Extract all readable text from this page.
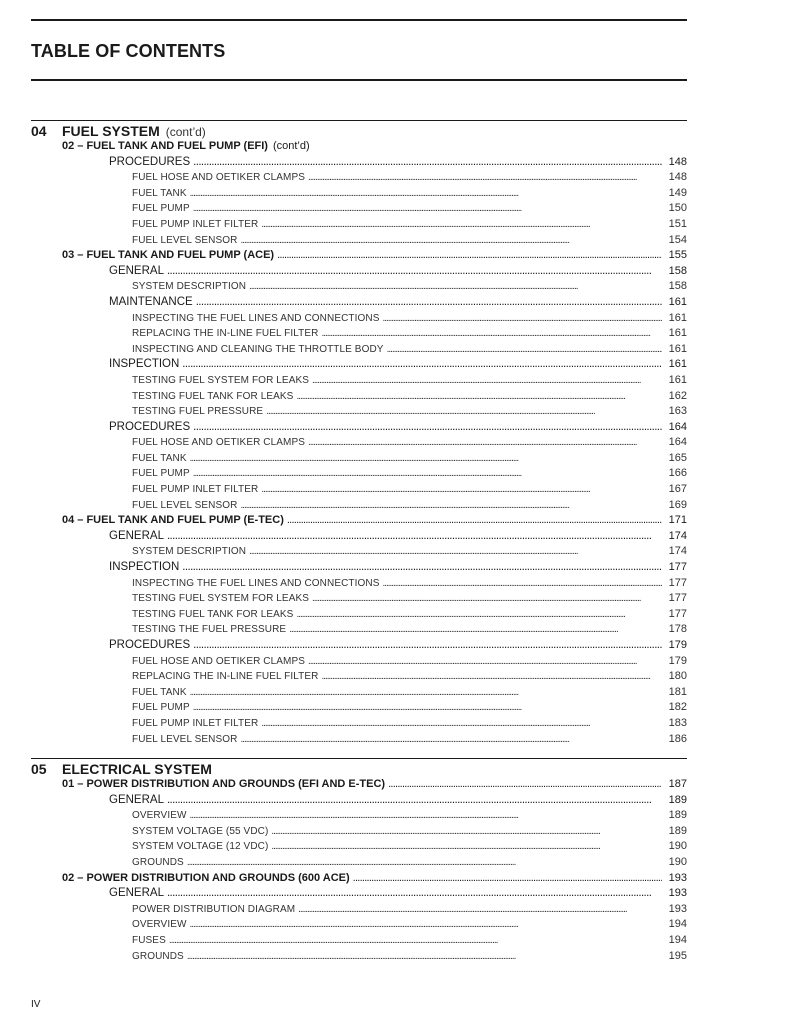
TABLE OF CONTENTS
04	FUEL SYSTEM (cont’d)
02 – FUEL TANK AND FUEL PUMP (EFI) (cont’d)
PROCEDURES . . .	148
FUEL HOSE AND OETIKER CLAMPS . . .	148
FUEL TANK . . .	149
FUEL PUMP . . .	150
FUEL PUMP INLET FILTER . . .	151
FUEL LEVEL SENSOR . . .	154
03 – FUEL TANK AND FUEL PUMP (ACE) . . .	155
GENERAL . . .	158
SYSTEM DESCRIPTION . . .	158
MAINTENANCE . . .	161
INSPECTING THE FUEL LINES AND CONNECTIONS . . .	161
REPLACING THE IN-LINE FUEL FILTER . . .	161
INSPECTING AND CLEANING THE THROTTLE BODY . . .	161
INSPECTION . . .	161
TESTING FUEL SYSTEM FOR LEAKS . . .	161
TESTING FUEL TANK FOR LEAKS . . .	162
TESTING FUEL PRESSURE . . .	163
PROCEDURES . . .	164
FUEL HOSE AND OETIKER CLAMPS . . .	164
FUEL TANK . . .	165
FUEL PUMP . . .	166
FUEL PUMP INLET FILTER . . .	167
FUEL LEVEL SENSOR . . .	169
04 – FUEL TANK AND FUEL PUMP (E-TEC) . . .	171
GENERAL . . .	174
SYSTEM DESCRIPTION . . .	174
INSPECTION . . .	177
INSPECTING THE FUEL LINES AND CONNECTIONS . . .	177
TESTING FUEL SYSTEM FOR LEAKS . . .	177
TESTING FUEL TANK FOR LEAKS . . .	177
TESTING THE FUEL PRESSURE . . .	178
PROCEDURES . . .	179
FUEL HOSE AND OETIKER CLAMPS . . .	179
REPLACING THE IN-LINE FUEL FILTER . . .	180
FUEL TANK . . .	181
FUEL PUMP . . .	182
FUEL PUMP INLET FILTER . . .	183
FUEL LEVEL SENSOR . . .	186
05	ELECTRICAL SYSTEM
01 – POWER DISTRIBUTION AND GROUNDS (EFI AND E-TEC) . . .	187
GENERAL . . .	189
OVERVIEW . . .	189
SYSTEM VOLTAGE (55 VDC) . . .	189
SYSTEM VOLTAGE (12 VDC) . . .	190
GROUNDS . . .	190
02 – POWER DISTRIBUTION AND GROUNDS (600 ACE) . . .	193
GENERAL . . .	193
POWER DISTRIBUTION DIAGRAM . . .	193
OVERVIEW . . .	194
FUSES . . .	194
GROUNDS . . .	195
IV
